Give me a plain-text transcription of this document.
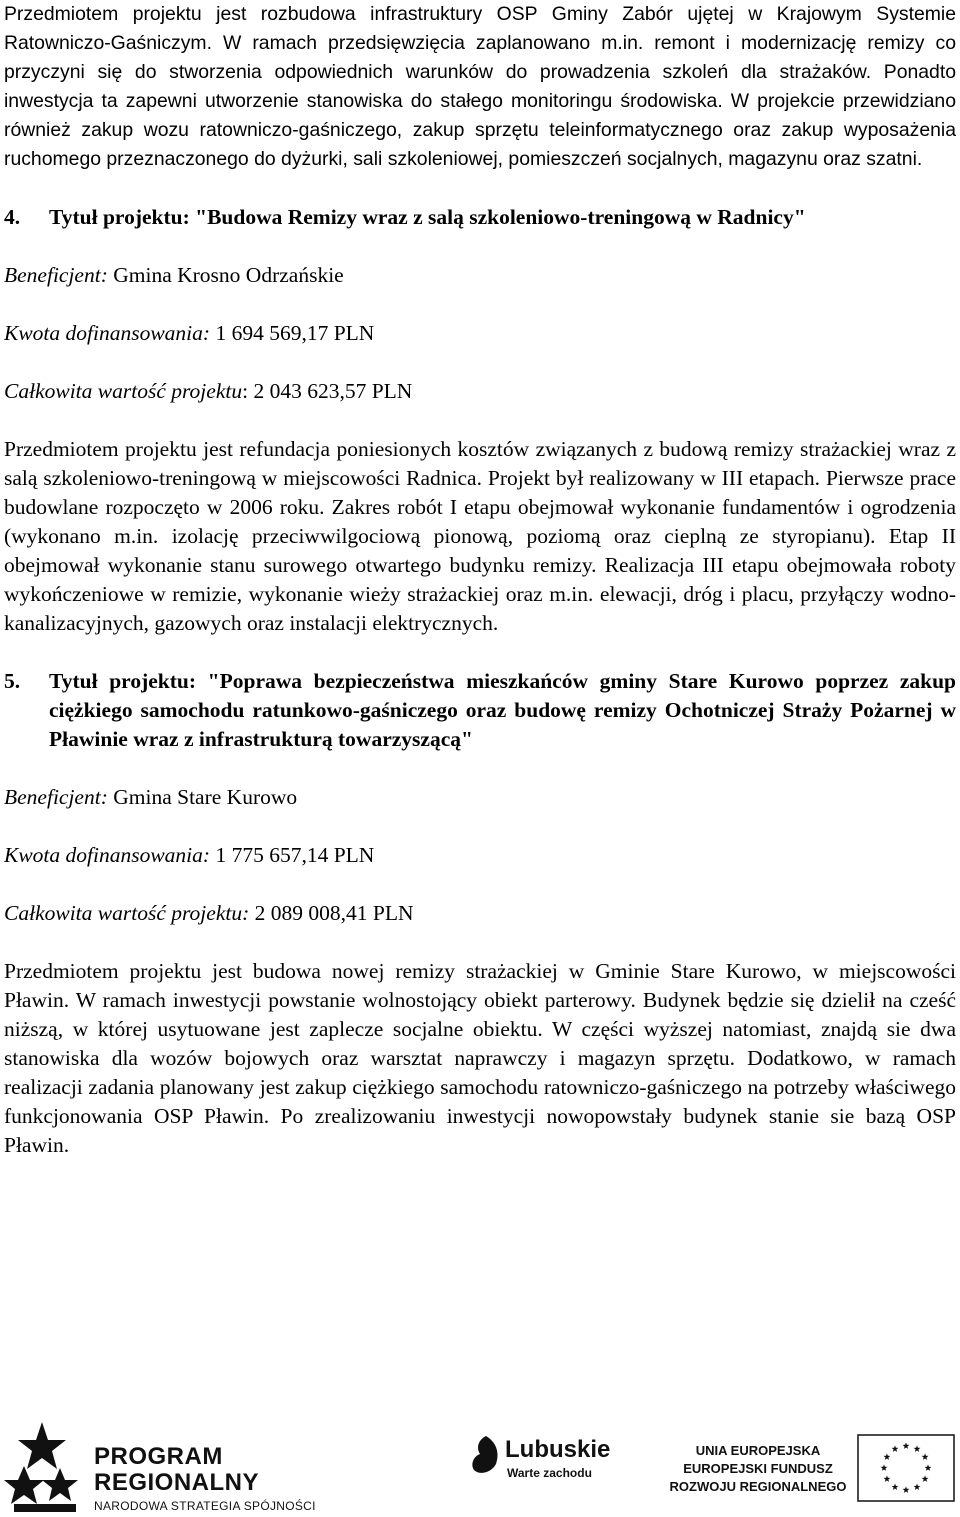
Przedmiotem projektu jest rozbudowa infrastruktury OSP Gminy Zabór ujętej w Krajowym Systemie Ratowniczo-Gaśniczym. W ramach przedsięwzięcia zaplanowano m.in. remont i modernizację remizy co przyczyni się do stworzenia odpowiednich warunków do prowadzenia szkoleń dla strażaków. Ponadto inwestycja ta zapewni utworzenie stanowiska do stałego monitoringu środowiska. W projekcie przewidziano również zakup wozu ratowniczo-gaśniczego, zakup sprzętu teleinformatycznego oraz zakup wyposażenia ruchomego przeznaczonego do dyżurki, sali szkoleniowej, pomieszczeń socjalnych, magazynu oraz szatni.

4.	Tytuł projektu: "Budowa Remizy wraz z salą szkoleniowo-treningową w Radnicy"

Beneficjent: Gmina Krosno Odrzańskie

Kwota dofinansowania: 1 694 569,17 PLN

Całkowita wartość projektu: 2 043 623,57 PLN

Przedmiotem projektu jest refundacja poniesionych kosztów związanych z budową remizy strażackiej wraz z salą szkoleniowo-treningową w miejscowości Radnica. Projekt był realizowany w III etapach. Pierwsze prace budowlane rozpoczęto w 2006 roku. Zakres robót I etapu obejmował wykonanie fundamentów i ogrodzenia (wykonano m.in. izolację przeciwwilgociową pionową, poziomą oraz cieplną ze styropianu). Etap II obejmował wykonanie stanu surowego otwartego budynku remizy. Realizacja III etapu obejmowała roboty wykończeniowe w remizie, wykonanie wieży strażackiej oraz m.in. elewacji, dróg i placu, przyłączy wodno-kanalizacyjnych, gazowych oraz instalacji elektrycznych.

5.	Tytuł projektu: "Poprawa bezpieczeństwa mieszkańców gminy Stare Kurowo poprzez zakup ciężkiego samochodu ratunkowo-gaśniczego oraz budowę remizy Ochotniczej Straży Pożarnej w Pławinie wraz z infrastrukturą towarzyszącą"

Beneficjent: Gmina Stare Kurowo

Kwota dofinansowania: 1 775 657,14 PLN

Całkowita wartość projektu: 2 089 008,41 PLN

Przedmiotem projektu jest budowa nowej remizy strażackiej w Gminie Stare Kurowo, w miejscowości Pławin. W ramach inwestycji powstanie wolnostojący obiekt parterowy. Budynek będzie się dzielił na cześć niższą, w której usytuowane jest zaplecze socjalne obiektu. W części wyższej natomiast, znajdą sie dwa stanowiska dla wozów bojowych oraz warsztat naprawczy i magazyn sprzętu. Dodatkowo, w ramach realizacji zadania planowany jest zakup ciężkiego samochodu ratowniczo-gaśniczego na potrzeby właściwego funkcjonowania OSP Pławin. Po zrealizowaniu inwestycji nowopowstały budynek stanie sie bazą OSP Pławin.

PROGRAM
REGIONALNY
NARODOWA STRATEGIA SPÓJNOŚCI
Lubuskie
Warte zachodu
UNIA EUROPEJSKA
EUROPEJSKI FUNDUSZ
ROZWOJU REGIONALNEGO
